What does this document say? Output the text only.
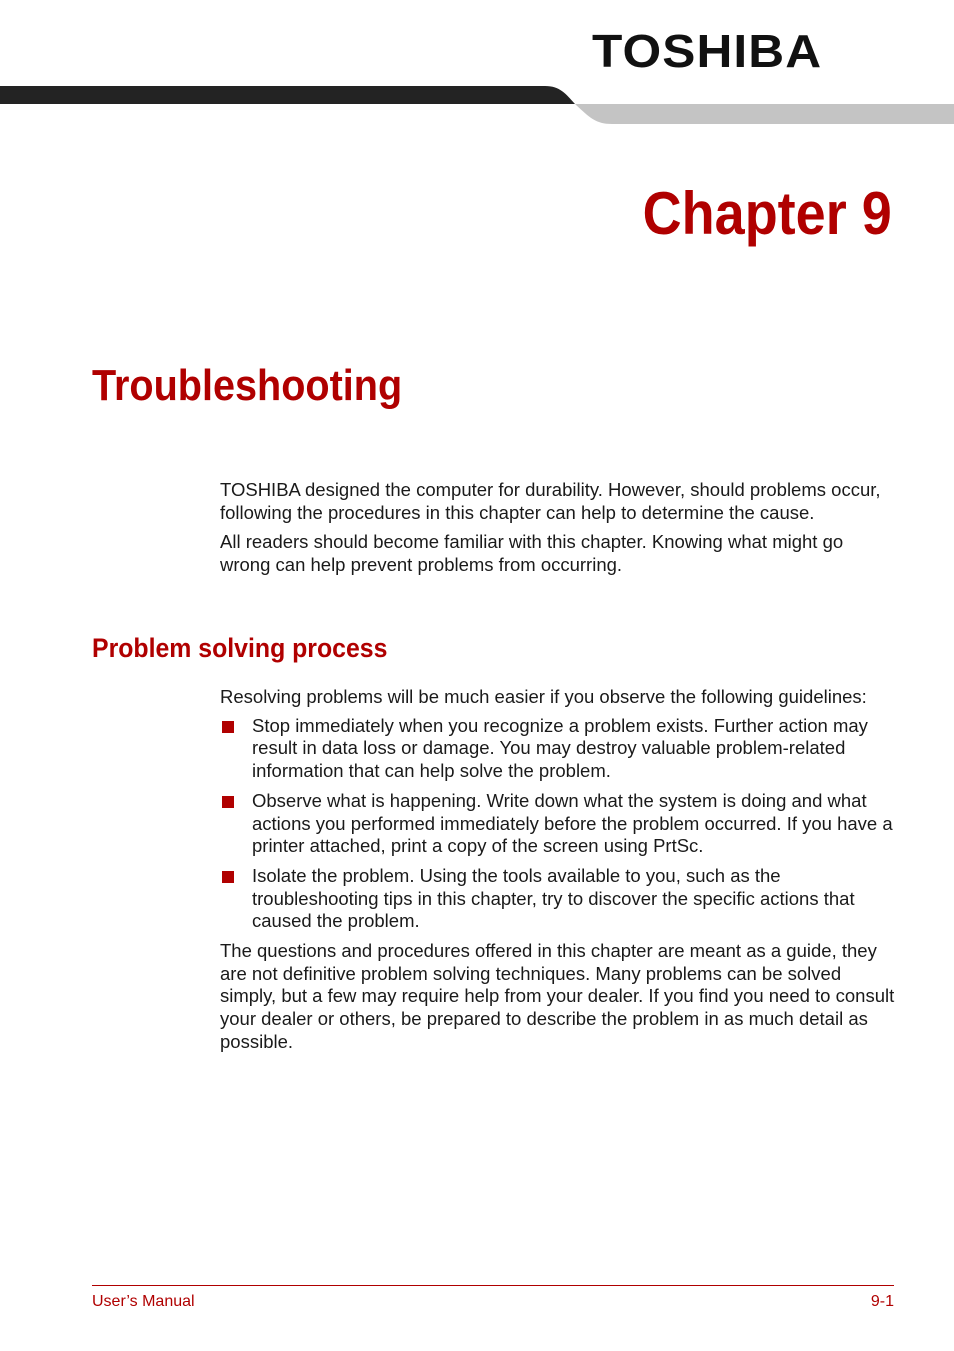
TOSHIBA
Chapter 9
Troubleshooting

TOSHIBA designed the computer for durability. However, should problems occur, following the procedures in this chapter can help to determine the cause.

All readers should become familiar with this chapter. Knowing what might go wrong can help prevent problems from occurring.

Problem solving process

Resolving problems will be much easier if you observe the following guidelines:

Stop immediately when you recognize a problem exists. Further action may result in data loss or damage. You may destroy valuable problem-related information that can help solve the problem.
Observe what is happening. Write down what the system is doing and what actions you performed immediately before the problem occurred. If you have a printer attached, print a copy of the screen using PrtSc.
Isolate the problem. Using the tools available to you, such as the troubleshooting tips in this chapter, try to discover the specific actions that caused the problem.

The questions and procedures offered in this chapter are meant as a guide, they are not definitive problem solving techniques. Many problems can be solved simply, but a few may require help from your dealer. If you find you need to consult your dealer or others, be prepared to describe the problem in as much detail as possible.

User’s Manual	9-1
